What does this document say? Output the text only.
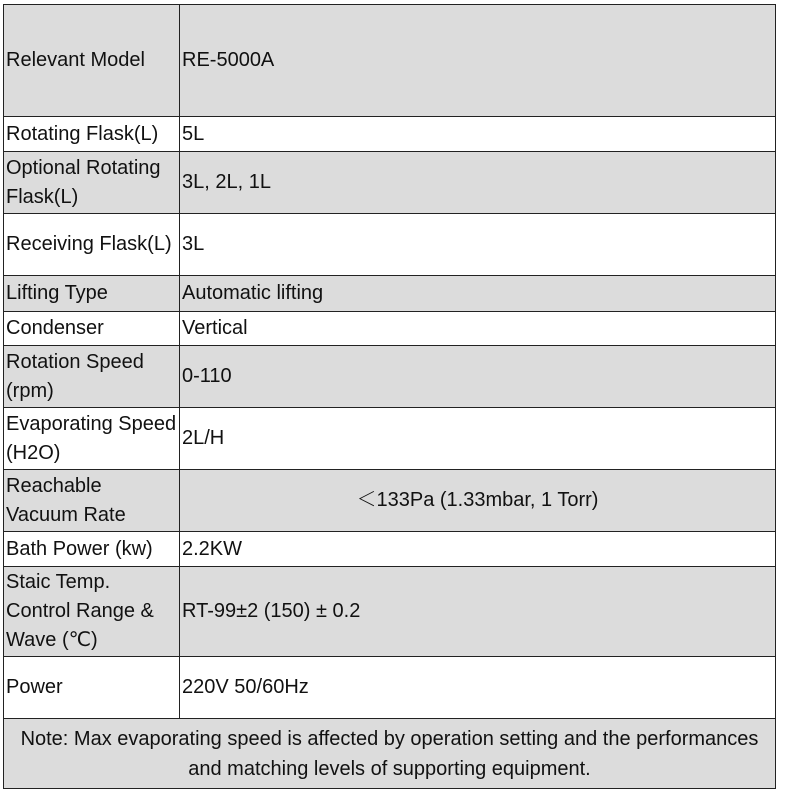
Relevant Model	RE-5000A
Rotating Flask(L)	5L
Optional Rotating Flask(L)	3L, 2L, 1L
Receiving Flask(L)	3L
Lifting Type	Automatic lifting
Condenser	Vertical
Rotation Speed (rpm)	0-110
Evaporating Speed (H2O)	2L/H
Reachable Vacuum Rate	＜133Pa (1.33mbar, 1 Torr)
Bath Power (kw)	2.2KW
Staic Temp. Control Range & Wave (℃)	RT-99±2 (150) ± 0.2
Power	220V 50/60Hz
Note: Max evaporating speed is affected by operation setting and the performances and matching levels of supporting equipment.	
